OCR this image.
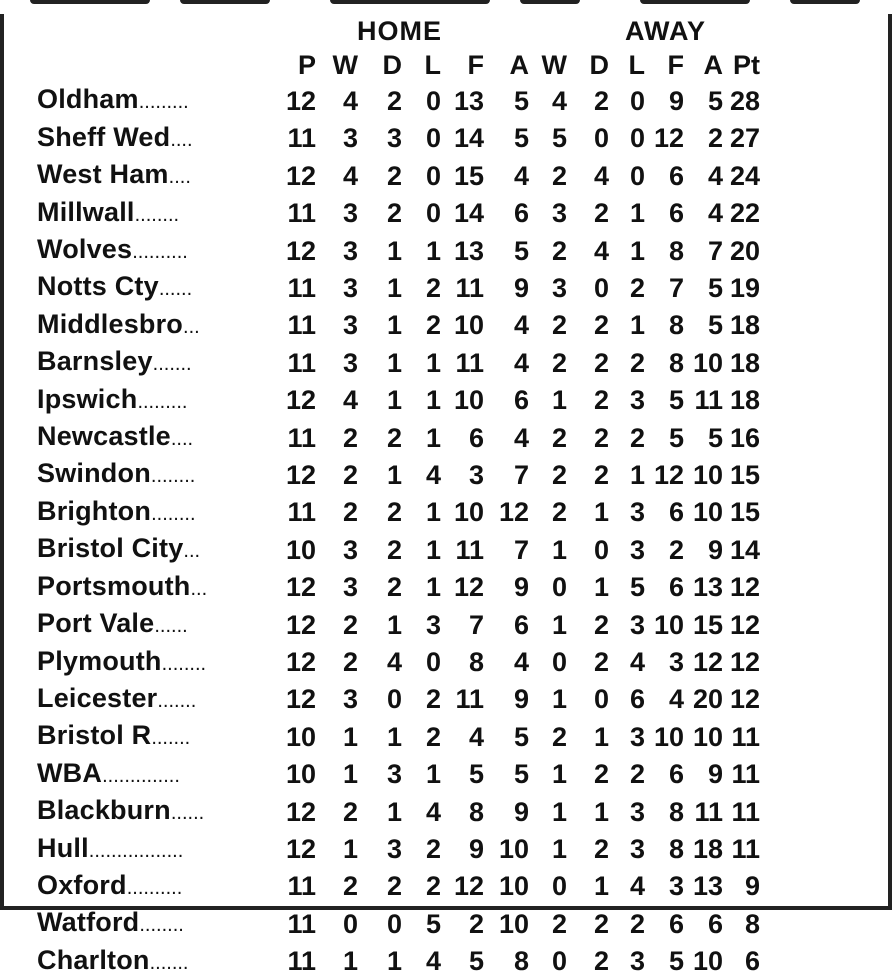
HOME	AWAY
	P	W	D	L	F	A	W	D	L	F	A	Pt
Oldham.........	12	4	2	0	13	5	4	2	0	9	5	28
Sheff Wed....	11	3	3	0	14	5	5	0	0	12	2	27
West Ham....	12	4	2	0	15	4	2	4	0	6	4	24
Millwall........	11	3	2	0	14	6	3	2	1	6	4	22
Wolves..........	12	3	1	1	13	5	2	4	1	8	7	20
Notts Cty......	11	3	1	2	11	9	3	0	2	7	5	19
Middlesbro...	11	3	1	2	10	4	2	2	1	8	5	18
Barnsley.......	11	3	1	1	11	4	2	2	2	8	10	18
Ipswich.........	12	4	1	1	10	6	1	2	3	5	11	18
Newcastle....	11	2	2	1	6	4	2	2	2	5	5	16
Swindon........	12	2	1	4	3	7	2	2	1	12	10	15
Brighton........	11	2	2	1	10	12	2	1	3	6	10	15
Bristol City...	10	3	2	1	11	7	1	0	3	2	9	14
Portsmouth...	12	3	2	1	12	9	0	1	5	6	13	12
Port Vale......	12	2	1	3	7	6	1	2	3	10	15	12
Plymouth........	12	2	4	0	8	4	0	2	4	3	12	12
Leicester.......	12	3	0	2	11	9	1	0	6	4	20	12
Bristol R.......	10	1	1	2	4	5	2	1	3	10	10	11
WBA..............	10	1	3	1	5	5	1	2	2	6	9	11
Blackburn......	12	2	1	4	8	9	1	1	3	8	11	11
Hull.................	12	1	3	2	9	10	1	2	3	8	18	11
Oxford..........	11	2	2	2	12	10	0	1	4	3	13	9
Watford........	11	0	0	5	2	10	2	2	2	6	6	8
Charlton.......	11	1	1	4	5	8	0	2	3	5	10	6
